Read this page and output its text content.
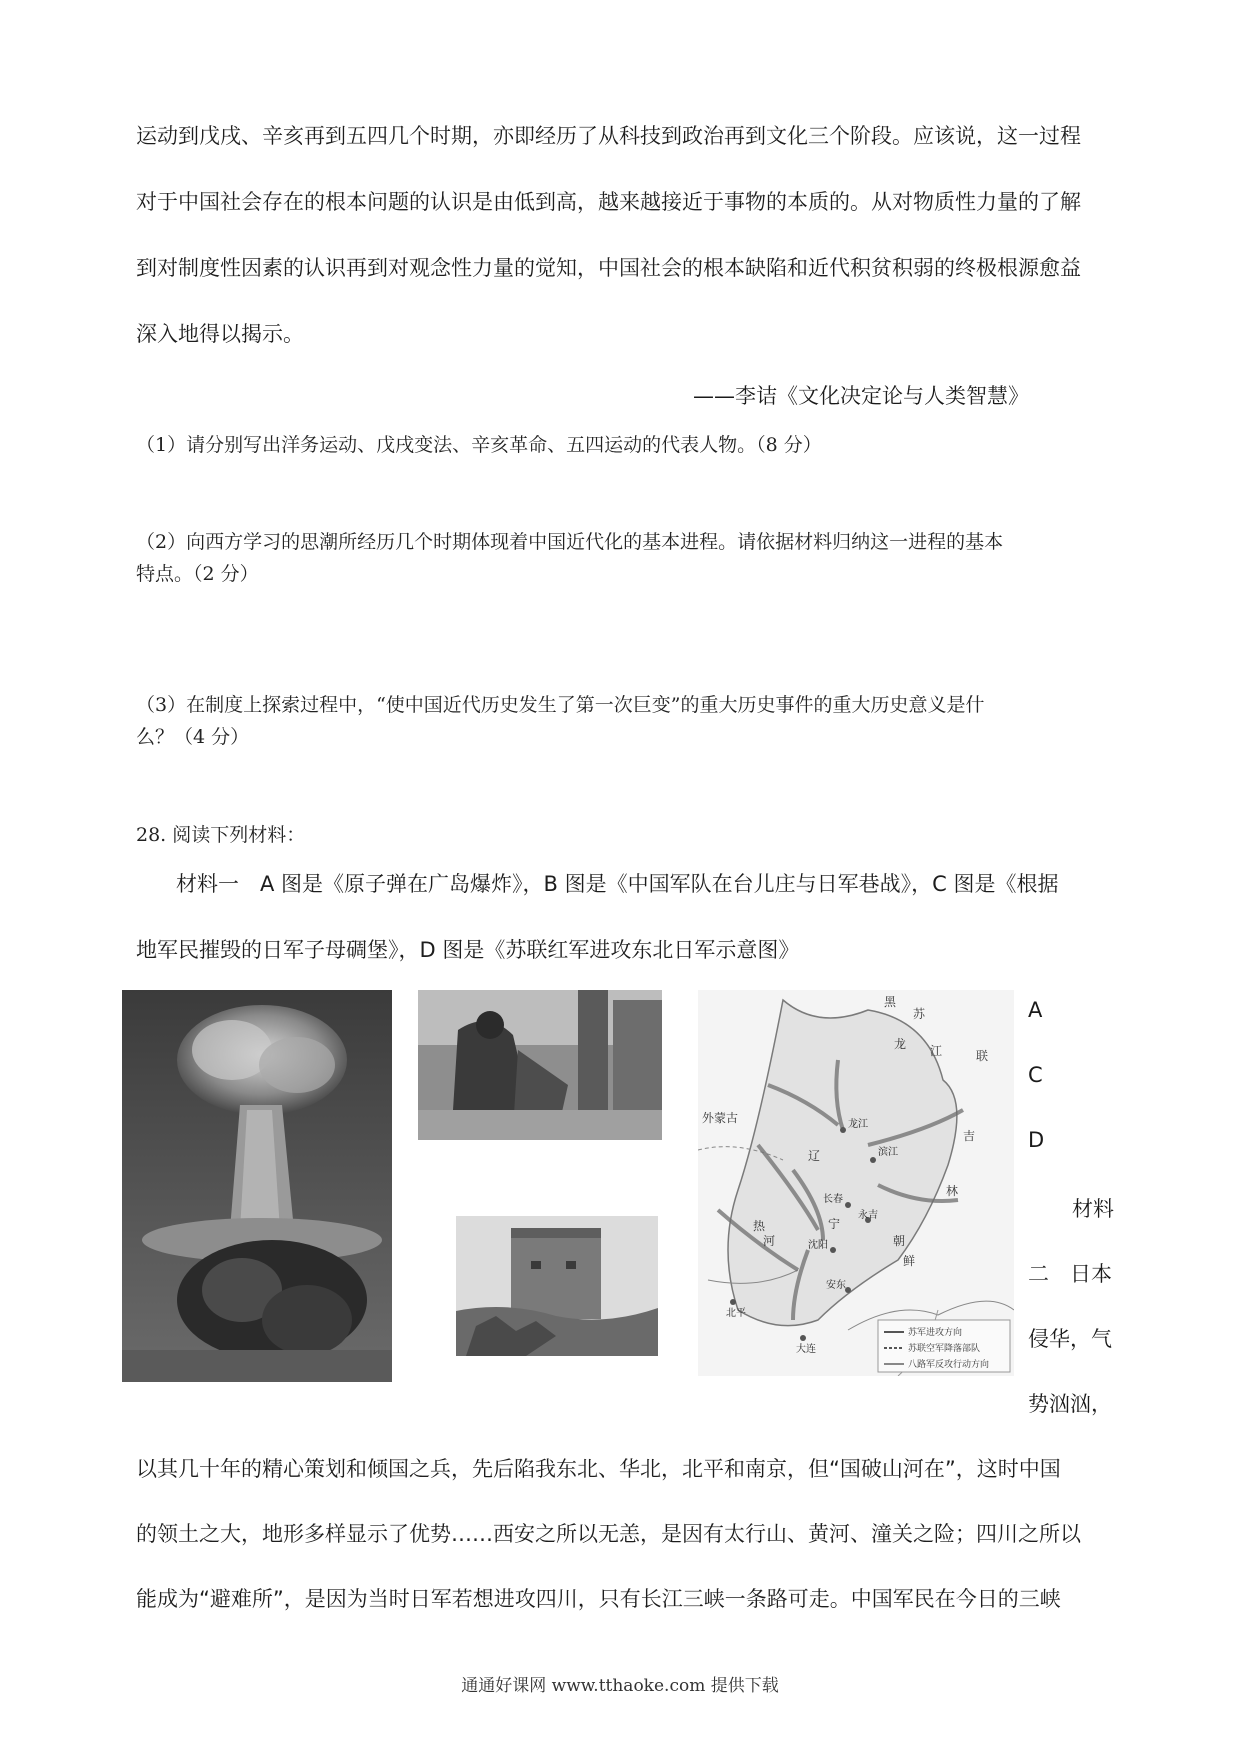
运动到戊戌、辛亥再到五四几个时期，亦即经历了从科技到政治再到文化三个阶段。应该说，这一过程
对于中国社会存在的根本问题的认识是由低到高，越来越接近于事物的本质的。从对物质性力量的了解
到对制度性因素的认识再到对观念性力量的觉知，中国社会的根本缺陷和近代积贫积弱的终极根源愈益
深入地得以揭示。
——李诘《文化决定论与人类智慧》
（1）请分别写出洋务运动、戊戌变法、辛亥革命、五四运动的代表人物。（8 分）
（2）向西方学习的思潮所经历几个时期体现着中国近代化的基本进程。请依据材料归纳这一进程的基本
特点。（2 分）
（3）在制度上探索过程中，“使中国近代历史发生了第一次巨变”的重大历史事件的重大历史意义是什
么？（4 分）
28. 阅读下列材料：
材料一　A 图是《原子弹在广岛爆炸》，B 图是《中国军队在台儿庄与日军巷战》，C 图是《根据
地军民摧毁的日军子母碉堡》，D 图是《苏联红军进攻东北日军示意图》
苏
联
黑
龙 江
外蒙古
吉
辽
林
热
河
宁
朝
鲜
龙江
滨江
长春
永吉
沈阳
安东
大连
北平
苏军进攻方向
苏联空军降落部队
八路军反攻行动方向
A
C
D
材料
二　日本
侵华，气
势汹汹，
以其几十年的精心策划和倾国之兵，先后陷我东北、华北，北平和南京，但“国破山河在”，这时中国
的领土之大，地形多样显示了优势……西安之所以无恙，是因有太行山、黄河、潼关之险；四川之所以
能成为“避难所”，是因为当时日军若想进攻四川，只有长江三峡一条路可走。中国军民在今日的三峡
通通好课网 www.tthaoke.com 提供下载
